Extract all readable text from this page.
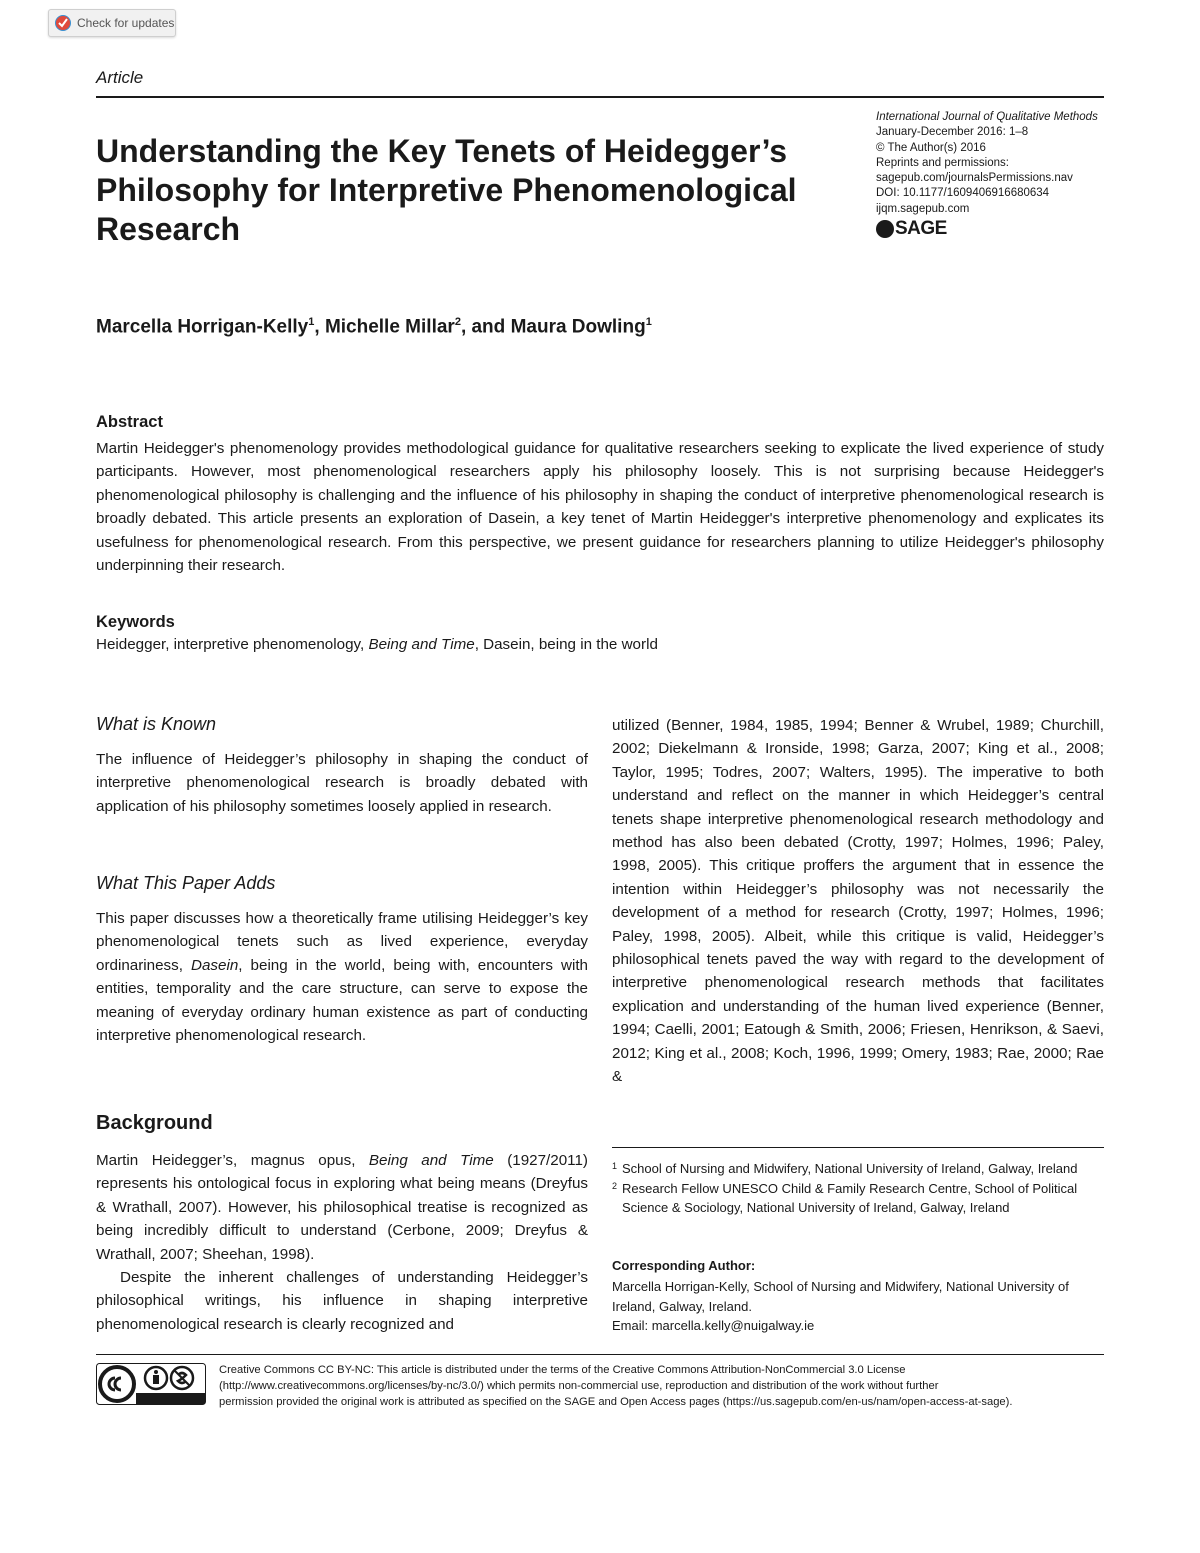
Check for updates
Article
Understanding the Key Tenets of Heidegger’s Philosophy for Interpretive Phenomenological Research
International Journal of Qualitative Methods
January-December 2016: 1–8
© The Author(s) 2016
Reprints and permissions:
sagepub.com/journalsPermissions.nav
DOI: 10.1177/1609406916680634
ijqm.sagepub.com
SAGE
Marcella Horrigan-Kelly$^1$, Michelle Millar$^2$, and Maura Dowling$^1$
Abstract
Martin Heidegger's phenomenology provides methodological guidance for qualitative researchers seeking to explicate the lived experience of study participants. However, most phenomenological researchers apply his philosophy loosely. This is not surprising because Heidegger's phenomenological philosophy is challenging and the influence of his philosophy in shaping the conduct of interpretive phenomenological research is broadly debated. This article presents an exploration of Dasein, a key tenet of Martin Heidegger's interpretive phenomenology and explicates its usefulness for phenomenological research. From this perspective, we present guidance for researchers planning to utilize Heidegger's philosophy underpinning their research.
Keywords
Heidegger, interpretive phenomenology, Being and Time, Dasein, being in the world
What is Known
The influence of Heidegger’s philosophy in shaping the conduct of interpretive phenomenological research is broadly debated with application of his philosophy sometimes loosely applied in research.
What This Paper Adds
This paper discusses how a theoretically frame utilising Heidegger’s key phenomenological tenets such as lived experience, everyday ordinariness, Dasein, being in the world, being with, encounters with entities, temporality and the care structure, can serve to expose the meaning of everyday ordinary human existence as part of conducting interpretive phenomenological research.
Background
Martin Heidegger’s, magnus opus, Being and Time (1927/2011) represents his ontological focus in exploring what being means (Dreyfus & Wrathall, 2007). However, his philosophical treatise is recognized as being incredibly difficult to understand (Cerbone, 2009; Dreyfus & Wrathall, 2007; Sheehan, 1998).
Despite the inherent challenges of understanding Heidegger’s philosophical writings, his influence in shaping interpretive phenomenological research is clearly recognized and
utilized (Benner, 1984, 1985, 1994; Benner & Wrubel, 1989; Churchill, 2002; Diekelmann & Ironside, 1998; Garza, 2007; King et al., 2008; Taylor, 1995; Todres, 2007; Walters, 1995). The imperative to both understand and reflect on the manner in which Heidegger’s central tenets shape interpretive phenomenological research methodology and method has also been debated (Crotty, 1997; Holmes, 1996; Paley, 1998, 2005). This critique proffers the argument that in essence the intention within Heidegger’s philosophy was not necessarily the development of a method for research (Crotty, 1997; Holmes, 1996; Paley, 1998, 2005). Albeit, while this critique is valid, Heidegger’s philosophical tenets paved the way with regard to the development of interpretive phenomenological research methods that facilitates explication and understanding of the human lived experience (Benner, 1994; Caelli, 2001; Eatough & Smith, 2006; Friesen, Henrikson, & Saevi, 2012; King et al., 2008; Koch, 1996, 1999; Omery, 1983; Rae, 2000; Rae &
1 School of Nursing and Midwifery, National University of Ireland, Galway, Ireland
2 Research Fellow UNESCO Child & Family Research Centre, School of Political Science & Sociology, National University of Ireland, Galway, Ireland
Corresponding Author:
Marcella Horrigan-Kelly, School of Nursing and Midwifery, National University of Ireland, Galway, Ireland.
Email: marcella.kelly@nuigalway.ie
Creative Commons CC BY-NC: This article is distributed under the terms of the Creative Commons Attribution-NonCommercial 3.0 License
(http://www.creativecommons.org/licenses/by-nc/3.0/) which permits non-commercial use, reproduction and distribution of the work without further
permission provided the original work is attributed as specified on the SAGE and Open Access pages (https://us.sagepub.com/en-us/nam/open-access-at-sage).
